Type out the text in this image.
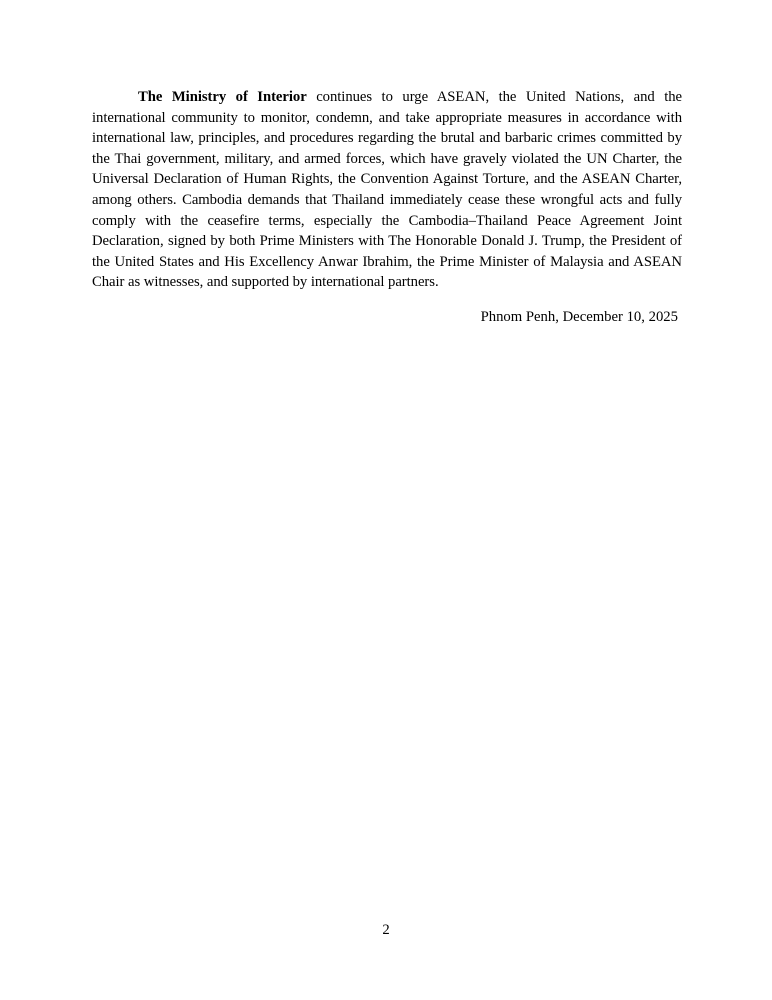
The Ministry of Interior continues to urge ASEAN, the United Nations, and the international community to monitor, condemn, and take appropriate measures in accordance with international law, principles, and procedures regarding the brutal and barbaric crimes committed by the Thai government, military, and armed forces, which have gravely violated the UN Charter, the Universal Declaration of Human Rights, the Convention Against Torture, and the ASEAN Charter, among others. Cambodia demands that Thailand immediately cease these wrongful acts and fully comply with the ceasefire terms, especially the Cambodia–Thailand Peace Agreement Joint Declaration, signed by both Prime Ministers with The Honorable Donald J. Trump, the President of the United States and His Excellency Anwar Ibrahim, the Prime Minister of Malaysia and ASEAN Chair as witnesses, and supported by international partners.

Phnom Penh, December 10, 2025

2
